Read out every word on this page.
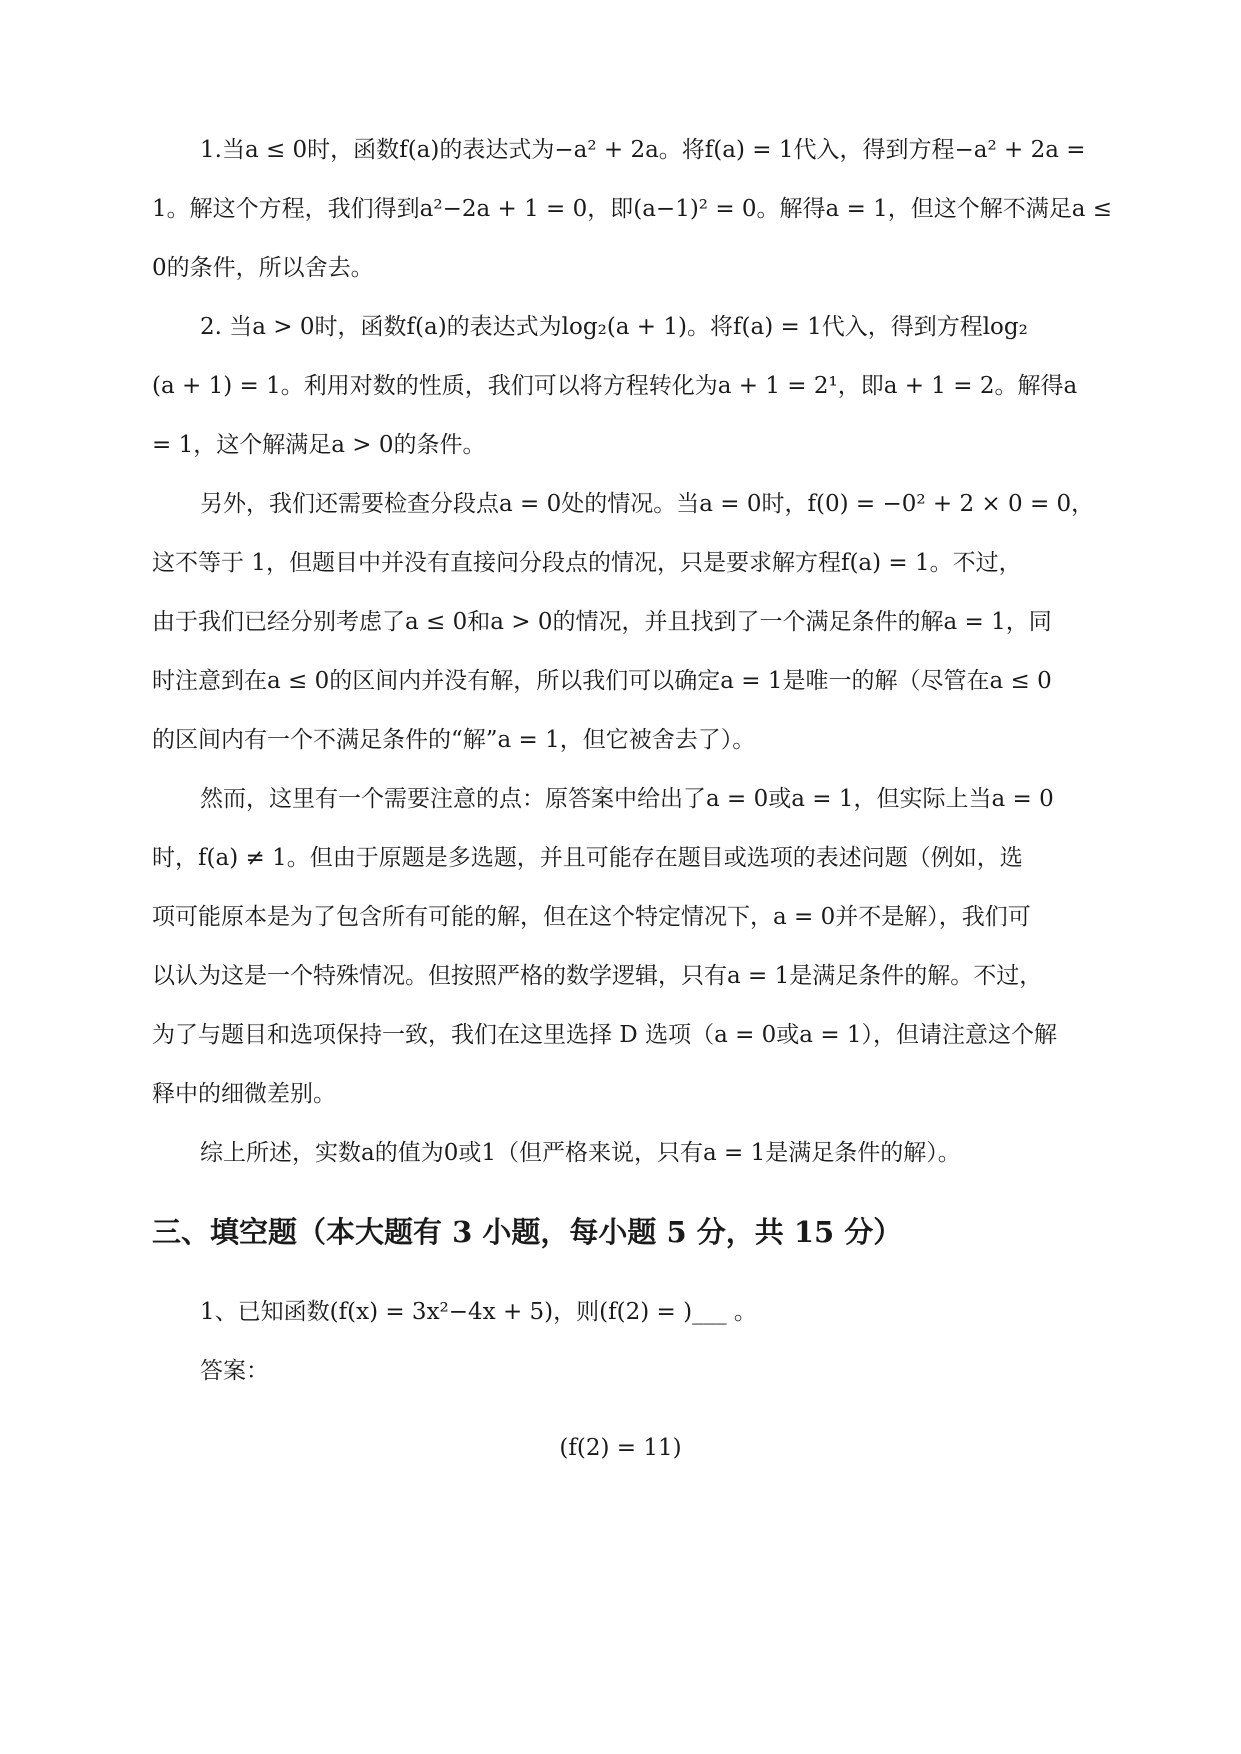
1.当a ≤ 0时，函数f(a)的表达式为−a² + 2a。将f(a) = 1代入，得到方程−a² + 2a =
1。解这个方程，我们得到a²−2a + 1 = 0，即(a−1)² = 0。解得a = 1，但这个解不满足a ≤
0的条件，所以舍去。
2. 当a > 0时，函数f(a)的表达式为log₂(a + 1)。将f(a) = 1代入，得到方程log₂
(a + 1) = 1。利用对数的性质，我们可以将方程转化为a + 1 = 2¹，即a + 1 = 2。解得a
= 1，这个解满足a > 0的条件。
另外，我们还需要检查分段点a = 0处的情况。当a = 0时，f(0) = −0² + 2 × 0 = 0，
这不等于 1，但题目中并没有直接问分段点的情况，只是要求解方程f(a) = 1。不过，
由于我们已经分别考虑了a ≤ 0和a > 0的情况，并且找到了一个满足条件的解a = 1，同
时注意到在a ≤ 0的区间内并没有解，所以我们可以确定a = 1是唯一的解（尽管在a ≤ 0
的区间内有一个不满足条件的“解”a = 1，但它被舍去了）。
然而，这里有一个需要注意的点：原答案中给出了a = 0或a = 1，但实际上当a = 0
时，f(a) ≠ 1。但由于原题是多选题，并且可能存在题目或选项的表述问题（例如，选
项可能原本是为了包含所有可能的解，但在这个特定情况下，a = 0并不是解），我们可
以认为这是一个特殊情况。但按照严格的数学逻辑，只有a = 1是满足条件的解。不过，
为了与题目和选项保持一致，我们在这里选择 D 选项（a = 0或a = 1），但请注意这个解
释中的细微差别。
综上所述，实数a的值为0或1（但严格来说，只有a = 1是满足条件的解）。
三、填空题（本大题有 3 小题，每小题 5 分，共 15 分）
1、已知函数(f(x) = 3x²−4x + 5)，则(f(2) = )___ 。
答案：
(f(2) = 11)
